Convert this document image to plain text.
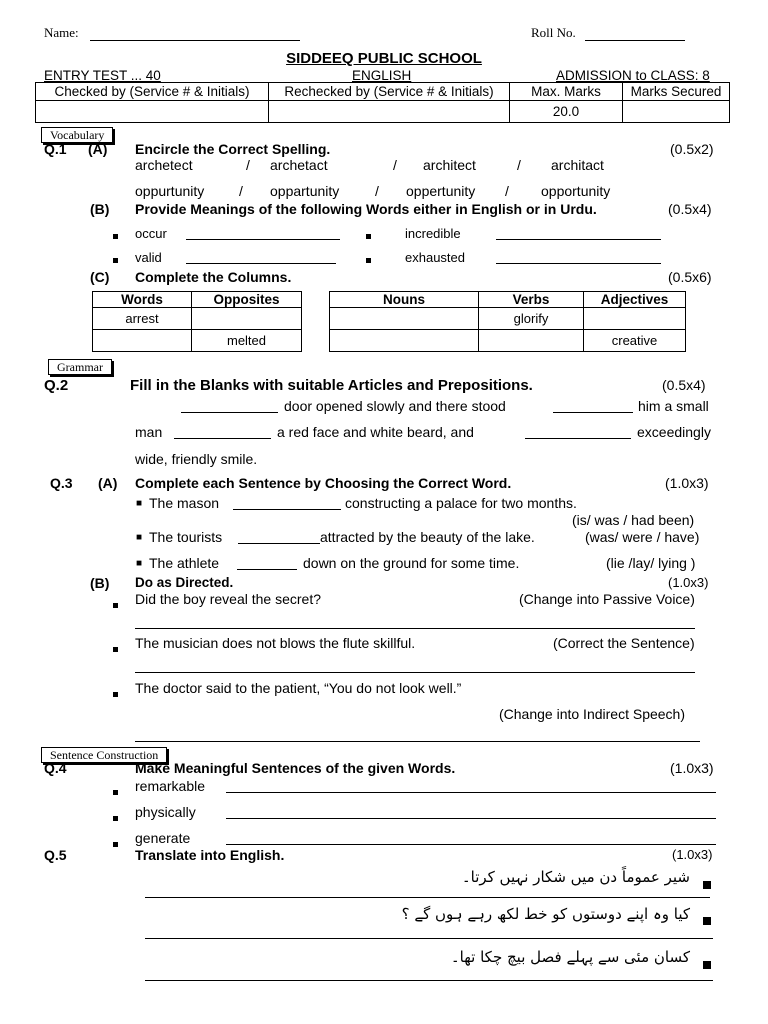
Name:	Roll No.
SIDDEEQ PUBLIC SCHOOL
ENTRY TEST ... 40	ENGLISH	ADMISSION to CLASS: 8
Checked by (Service # & Initials)	Rechecked by (Service # & Initials)	Max. Marks	Marks Secured
		20.0	
Vocabulary
Q.1 (A) Encircle the Correct Spelling.	(0.5x2)
archetect	/ archetact	/ architect	/ architact
oppurtunity / oppartunity	/ oppertunity / opportunity
(B) Provide Meanings of the following Words either in English or in Urdu.	(0.5x4)
occur	incredible
valid	exhausted
(C) Complete the Columns.	(0.5x6)
Words	Opposites
arrest	
	melted
Nouns	Verbs	Adjectives
	glorify	
		creative
Grammar
Q.2	Fill in the Blanks with suitable Articles and Prepositions.	(0.5x4)
door opened slowly and there stood	him a small
man	a red face and white beard, and	exceedingly
wide, friendly smile.
Q.3 (A) Complete each Sentence by Choosing the Correct Word.	(1.0x3)
■ The mason	constructing a palace for two months.
(is/ was / had been)
■ The tourists	attracted by the beauty of the lake.	(was/ were / have)
■ The athlete	down on the ground for some time.	(lie /lay/ lying )
(B) Do as Directed.	(1.0x3)
Did the boy reveal the secret?	(Change into Passive Voice)
The musician does not blows the flute skillful.	(Correct the Sentence)
The doctor said to the patient, “You do not look well.”
(Change into Indirect Speech)
Sentence Construction
Q.4	Make Meaningful Sentences of the given Words.	(1.0x3)
remarkable
physically
generate
Q.5	Translate into English.	(1.0x3)
شیر عموماً دن میں شکار نہیں کرتا۔
کیا وہ اپنے دوستوں کو خط لکھ رہے ہوں گے ؟
کسان مئی سے پہلے فصل بیچ چکا تھا۔
